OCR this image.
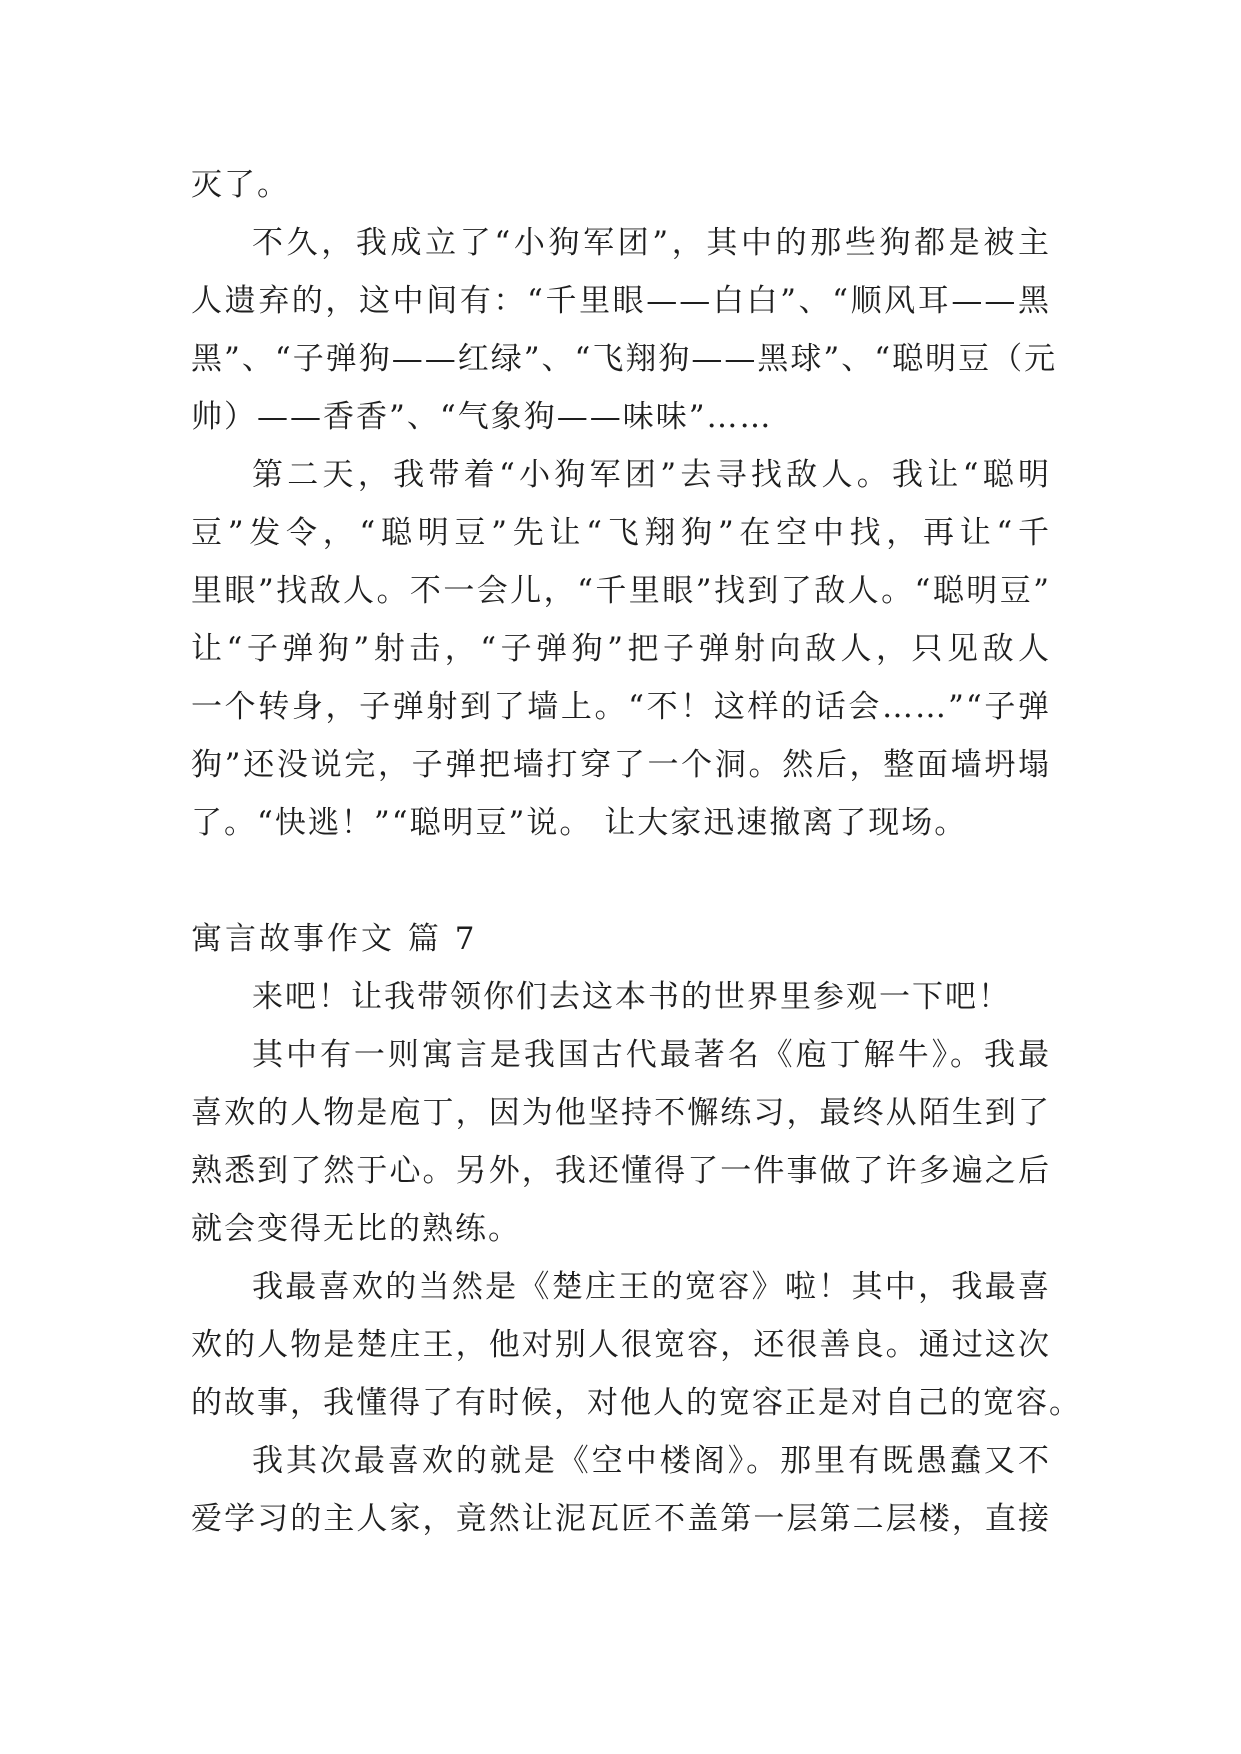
灭了。
不久，我成立了“小狗军团”，其中的那些狗都是被主
人遗弃的，这中间有：“千里眼——白白”、“顺风耳——黑
黑”、“子弹狗——红绿”、“飞翔狗——黑球”、“聪明豆（元
帅）——香香”、“气象狗——味味”……
第二天，我带着“小狗军团”去寻找敌人。我让“聪明
豆”发令，“聪明豆”先让“飞翔狗”在空中找，再让“千
里眼”找敌人。不一会儿，“千里眼”找到了敌人。“聪明豆”
让“子弹狗”射击，“子弹狗”把子弹射向敌人，只见敌人
一个转身，子弹射到了墙上。“不！这样的话会……”“子弹
狗”还没说完，子弹把墙打穿了一个洞。然后，整面墙坍塌
了。“快逃！”“聪明豆”说。 让大家迅速撤离了现场。
寓言故事作文 篇 7
来吧！让我带领你们去这本书的世界里参观一下吧！
其中有一则寓言是我国古代最著名《庖丁解牛》。我最
喜欢的人物是庖丁，因为他坚持不懈练习，最终从陌生到了
熟悉到了然于心。另外，我还懂得了一件事做了许多遍之后
就会变得无比的熟练。
我最喜欢的当然是《楚庄王的宽容》啦！其中，我最喜
欢的人物是楚庄王，他对别人很宽容，还很善良。通过这次
的故事，我懂得了有时候，对他人的宽容正是对自己的宽容。
我其次最喜欢的就是《空中楼阁》。那里有既愚蠢又不
爱学习的主人家，竟然让泥瓦匠不盖第一层第二层楼，直接
